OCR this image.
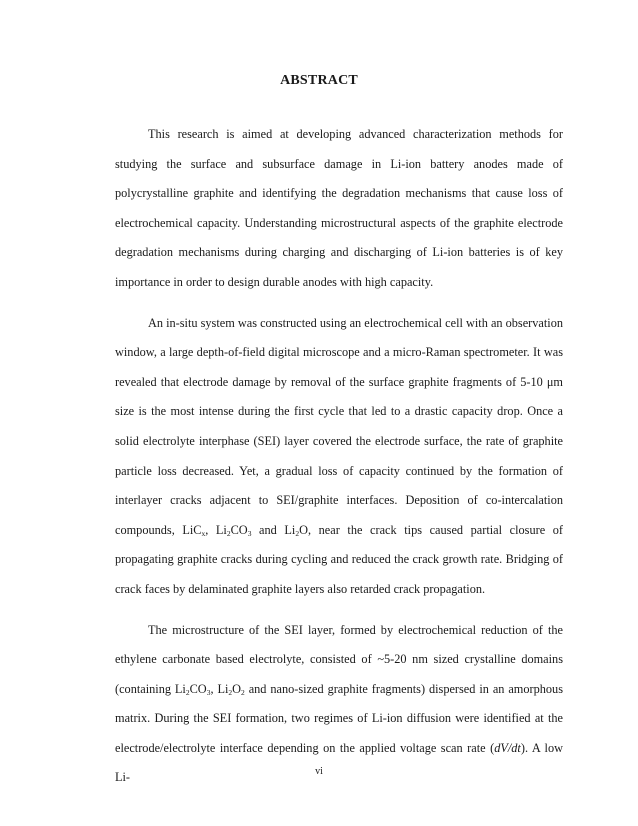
ABSTRACT

This research is aimed at developing advanced characterization methods for studying the surface and subsurface damage in Li-ion battery anodes made of polycrystalline graphite and identifying the degradation mechanisms that cause loss of electrochemical capacity. Understanding microstructural aspects of the graphite electrode degradation mechanisms during charging and discharging of Li-ion batteries is of key importance in order to design durable anodes with high capacity.

An in-situ system was constructed using an electrochemical cell with an observation window, a large depth-of-field digital microscope and a micro-Raman spectrometer. It was revealed that electrode damage by removal of the surface graphite fragments of 5-10 μm size is the most intense during the first cycle that led to a drastic capacity drop. Once a solid electrolyte interphase (SEI) layer covered the electrode surface, the rate of graphite particle loss decreased. Yet, a gradual loss of capacity continued by the formation of interlayer cracks adjacent to SEI/graphite interfaces. Deposition of co-intercalation compounds, LiC$_x$, $Li_2CO_3$ and $Li_2O$, near the crack tips caused partial closure of propagating graphite cracks during cycling and reduced the crack growth rate. Bridging of crack faces by delaminated graphite layers also retarded crack propagation.

The microstructure of the SEI layer, formed by electrochemical reduction of the ethylene carbonate based electrolyte, consisted of ~5-20 nm sized crystalline domains (containing $Li_2CO_3$, $Li_2O_2$ and nano-sized graphite fragments) dispersed in an amorphous matrix. During the SEI formation, two regimes of Li-ion diffusion were identified at the electrode/electrolyte interface depending on the applied voltage scan rate (dV/dt). A low Li-	vi
